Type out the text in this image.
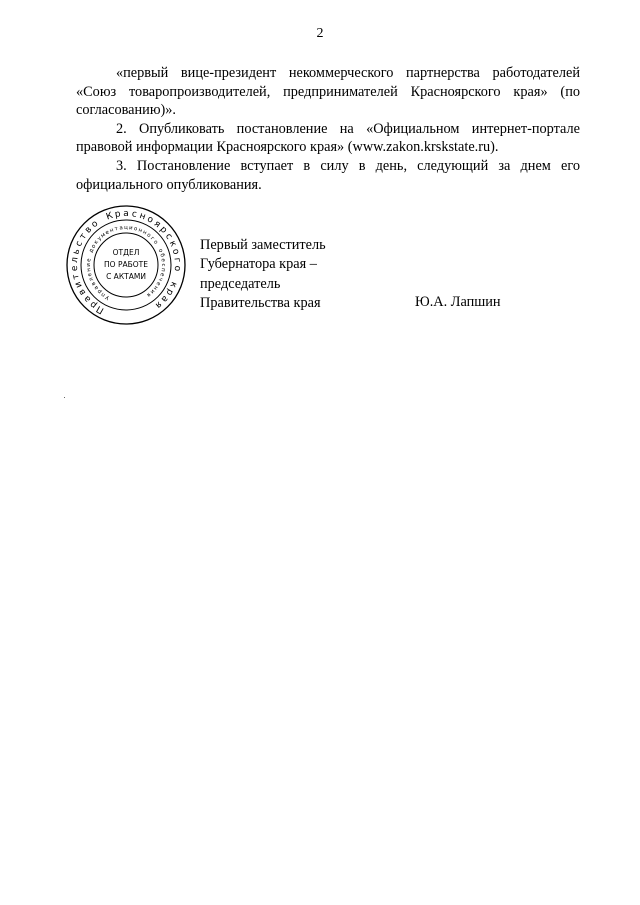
2

«первый вице-президент некоммерческого партнерства работодателей «Союз товаропроизводителей, предпринимателей Красноярского края» (по согласованию)».

2. Опубликовать постановление на «Официальном интернет-портале правовой информации Красноярского края» (www.zakon.krskstate.ru).

3. Постановление вступает в силу в день, следующий за днем его официального опубликования.

П
р
а
в
и
т
е
л
ь
с
т
в
о
К р а с н
о
я
р
с
к
о
г
о
к
р
а
я
У
п
р
а
в
л
е
н
и
е
д
о
к
у
м
е
н т а ц и о н
н
о
г
о
о
б
е
с
п
е
ч
е
н
и
я
ОТДЕЛ
ПО РАБОТЕ
С АКТАМИ
Первый заместитель
Губернатора края –
председатель
Правительства края	Ю.А. Лапшин
